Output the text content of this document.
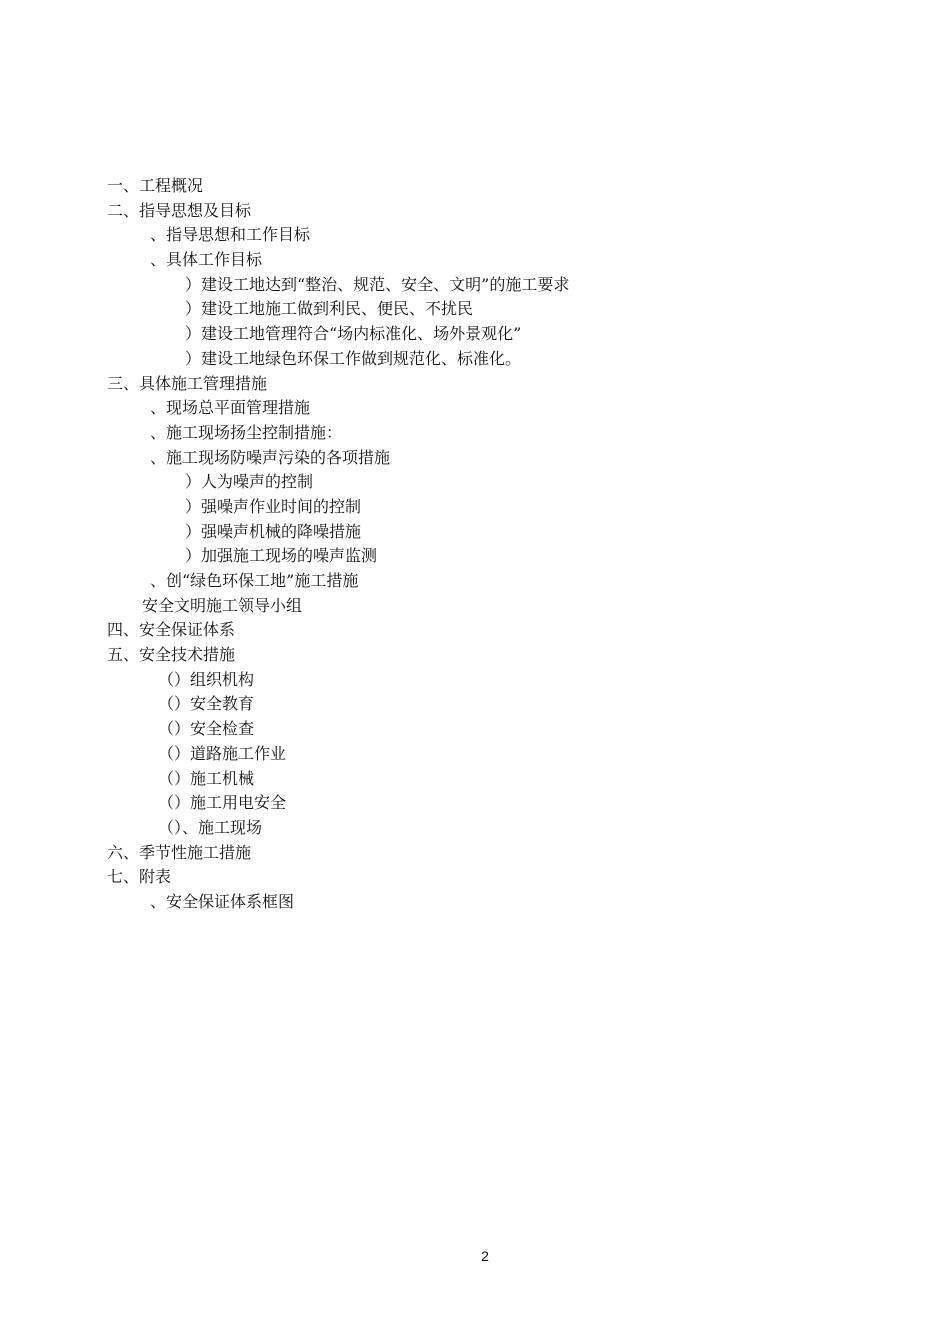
一、工程概况
二、指导思想及目标
、指导思想和工作目标
、具体工作目标
）建设工地达到“整治、规范、安全、文明”的施工要求
）建设工地施工做到利民、便民、不扰民
）建设工地管理符合“场内标准化、场外景观化”
）建设工地绿色环保工作做到规范化、标准化。
三、具体施工管理措施
、现场总平面管理措施
、施工现场扬尘控制措施：
、施工现场防噪声污染的各项措施
）人为噪声的控制
）强噪声作业时间的控制
）强噪声机械的降噪措施
）加强施工现场的噪声监测
、创“绿色环保工地”施工措施
安全文明施工领导小组
四、安全保证体系
五、安全技术措施
（）组织机构
（）安全教育
（）安全检查
（）道路施工作业
（）施工机械
（）施工用电安全
（）、施工现场
六、季节性施工措施
七、附表
、安全保证体系框图
2
